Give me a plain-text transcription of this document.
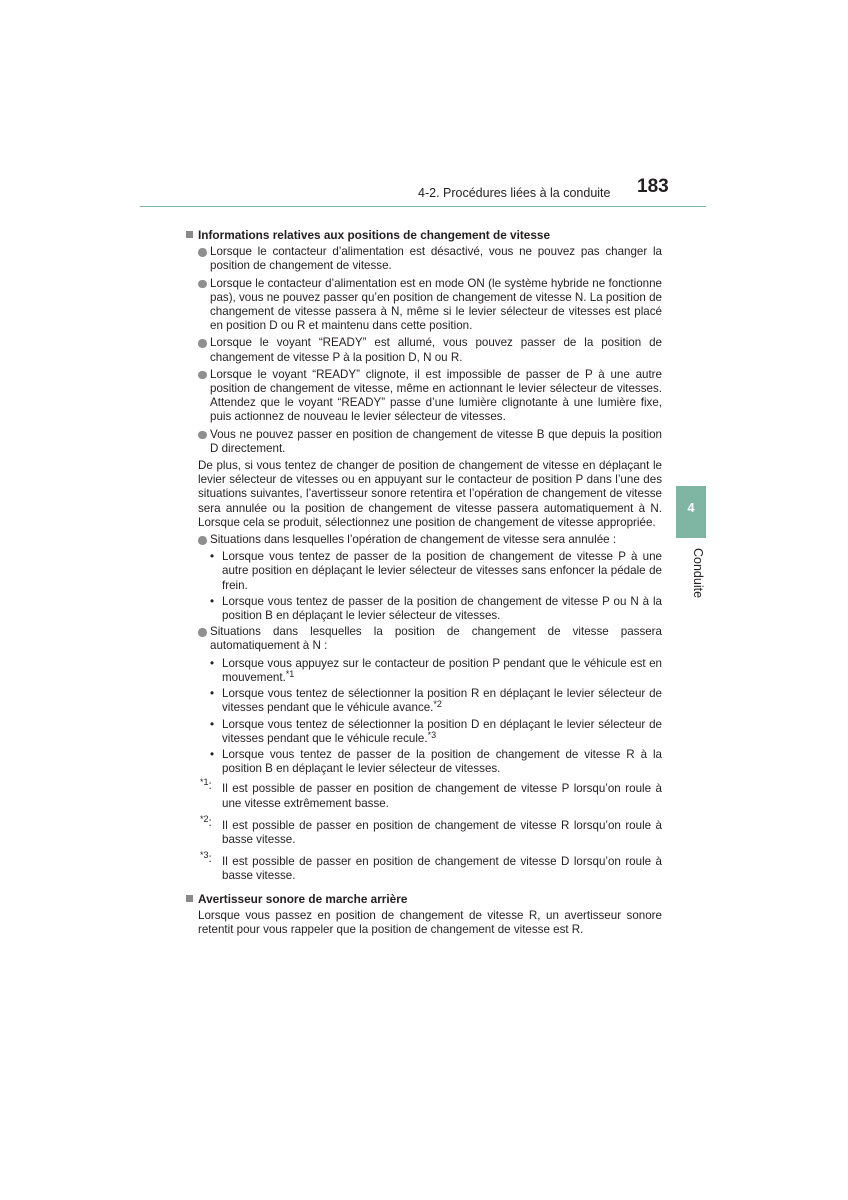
4-2. Procédures liées à la conduite 183
4
Conduite
Informations relatives aux positions de changement de vitesse
Lorsque le contacteur d’alimentation est désactivé, vous ne pouvez pas changer la position de changement de vitesse.
Lorsque le contacteur d’alimentation est en mode ON (le système hybride ne fonctionne pas), vous ne pouvez passer qu’en position de changement de vitesse N. La position de changement de vitesse passera à N, même si le levier sélecteur de vitesses est placé en position D ou R et maintenu dans cette position.
Lorsque le voyant “READY” est allumé, vous pouvez passer de la position de changement de vitesse P à la position D, N ou R.
Lorsque le voyant “READY” clignote, il est impossible de passer de P à une autre position de changement de vitesse, même en actionnant le levier sélecteur de vitesses. Attendez que le voyant “READY” passe d’une lumière clignotante à une lumière fixe, puis actionnez de nouveau le levier sélecteur de vitesses.
Vous ne pouvez passer en position de changement de vitesse B que depuis la position D directement.
De plus, si vous tentez de changer de position de changement de vitesse en déplaçant le levier sélecteur de vitesses ou en appuyant sur le contacteur de position P dans l’une des situations suivantes, l’avertisseur sonore retentira et l’opération de changement de vitesse sera annulée ou la position de changement de vitesse passera automatiquement à N. Lorsque cela se produit, sélectionnez une position de changement de vitesse appropriée.
Situations dans lesquelles l’opération de changement de vitesse sera annulée :
• Lorsque vous tentez de passer de la position de changement de vitesse P à une autre position en déplaçant le levier sélecteur de vitesses sans enfoncer la pédale de frein.
• Lorsque vous tentez de passer de la position de changement de vitesse P ou N à la position B en déplaçant le levier sélecteur de vitesses.
Situations dans lesquelles la position de changement de vitesse passera automatiquement à N :
• Lorsque vous appuyez sur le contacteur de position P pendant que le véhicule est en mouvement.$^{*1}$
• Lorsque vous tentez de sélectionner la position R en déplaçant le levier sélecteur de vitesses pendant que le véhicule avance.$^{*2}$
• Lorsque vous tentez de sélectionner la position D en déplaçant le levier sélecteur de vitesses pendant que le véhicule recule.$^{*3}$
• Lorsque vous tentez de passer de la position de changement de vitesse R à la position B en déplaçant le levier sélecteur de vitesses.
$^{*1}$: Il est possible de passer en position de changement de vitesse P lorsqu’on roule à une vitesse extrêmement basse.
$^{*2}$: Il est possible de passer en position de changement de vitesse R lorsqu’on roule à basse vitesse.
$^{*3}$: Il est possible de passer en position de changement de vitesse D lorsqu’on roule à basse vitesse.
Avertisseur sonore de marche arrière
Lorsque vous passez en position de changement de vitesse R, un avertisseur sonore retentit pour vous rappeler que la position de changement de vitesse est R.
